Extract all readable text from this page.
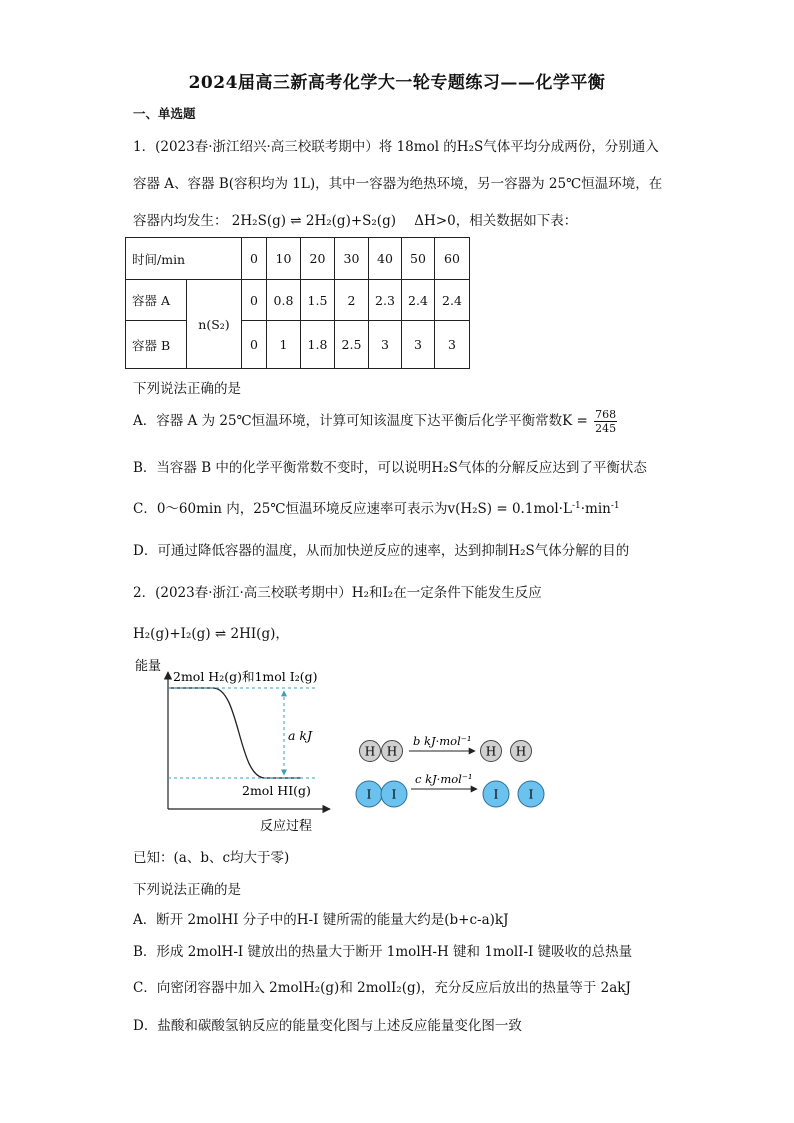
2024届高三新高考化学大一轮专题练习——化学平衡
一、单选题
1．(2023春·浙江绍兴·高三校联考期中）将 18mol 的H₂S气体平均分成两份，分别通入
容器 A、容器 B(容积均为 1L)，其中一容器为绝热环境，另一容器为 25℃恒温环境，在
容器内均发生： 2H₂S(g) ⇌ 2H₂(g)+S₂(g) ΔH>0，相关数据如下表：
时间/min		0	10	20	30	40	50	60
容器 A	n(S₂)	0	0.8	1.5	2	2.3	2.4	2.4
容器 B		0	1	1.8	2.5	3	3	3
下列说法正确的是
A．容器 A 为 25℃恒温环境，计算可知该温度下达平衡后化学平衡常数$K = \frac{768}{245}$
B．当容器 B 中的化学平衡常数不变时，可以说明H₂S气体的分解反应达到了平衡状态
C．0～60min 内，25℃恒温环境反应速率可表示为$v(H_2S) = 0.1mol\cdot L^{-1}\cdot\min^{-1}$
D．可通过降低容器的温度，从而加快逆反应的速率，达到抑制H₂S气体分解的目的
2．(2023春·浙江·高三校联考期中）H₂和I₂在一定条件下能发生反应
H₂(g)+I₂(g) ⇌ 2HI(g)，
能量
反应过程
2mol H₂(g)和1mol I₂(g)
2mol HI(g)
a kJ
H H
b kJ·mol⁻¹
H H
I I
c kJ·mol⁻¹
I	I
已知：(a、b、c均大于零)
下列说法正确的是
A．断开 2molHI 分子中的H-I 键所需的能量大约是(b+c-a)kJ
B．形成 2molH-I 键放出的热量大于断开 1molH-H 键和 1molI-I 键吸收的总热量
C．向密闭容器中加入 2molH₂(g)和 2molI₂(g)，充分反应后放出的热量等于 2akJ
D．盐酸和碳酸氢钠反应的能量变化图与上述反应能量变化图一致
